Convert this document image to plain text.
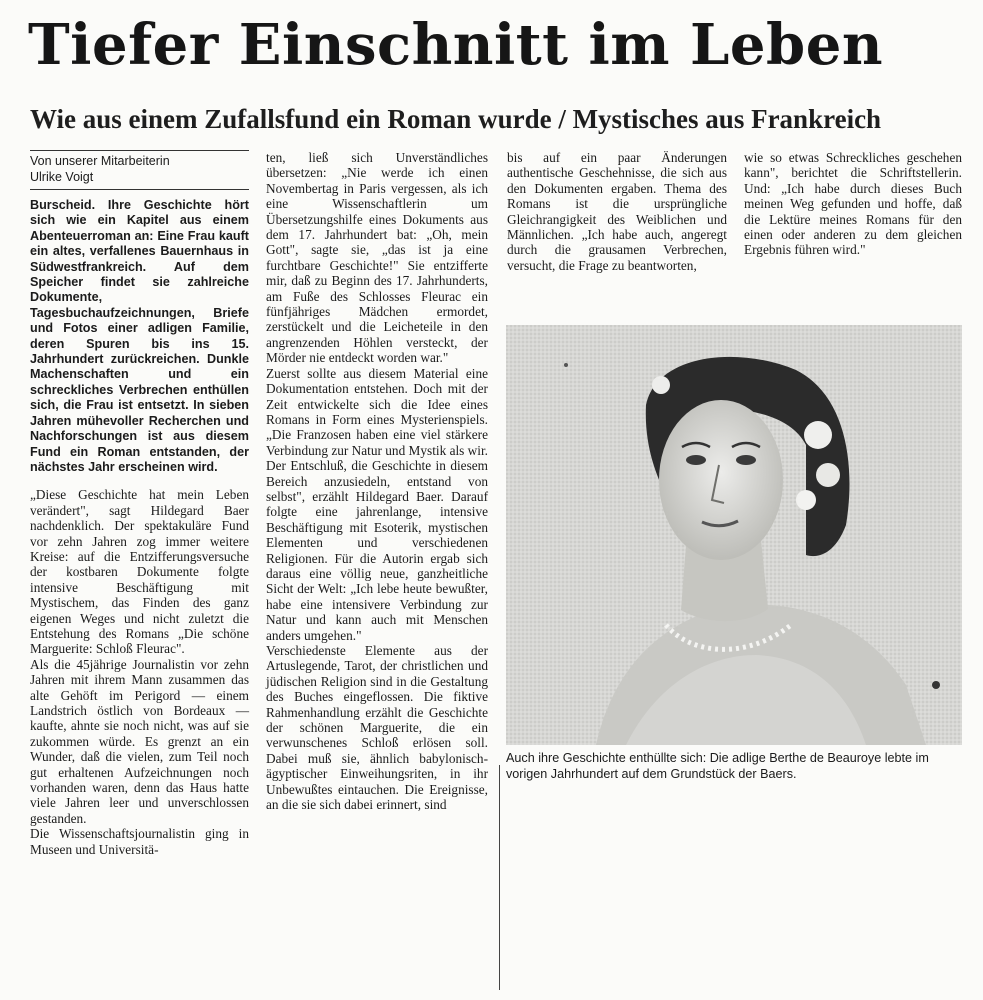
Tiefer Einschnitt im Leben
Wie aus einem Zufallsfund ein Roman wurde / Mystisches aus Frankreich
Von unserer Mitarbeiterin
Ulrike Voigt

Burscheid. Ihre Geschichte hört sich wie ein Kapitel aus einem Abenteuerroman an: Eine Frau kauft ein altes, verfallenes Bauernhaus in Südwestfrankreich. Auf dem Speicher findet sie zahlreiche Dokumente, Tagesbuchaufzeichnungen, Briefe und Fotos einer adligen Familie, deren Spuren bis ins 15. Jahrhundert zurückreichen. Dunkle Machenschaften und ein schreckliches Verbrechen enthüllen sich, die Frau ist entsetzt. In sieben Jahren mühevoller Recherchen und Nachforschungen ist aus diesem Fund ein Roman entstanden, der nächstes Jahr erscheinen wird.

„Diese Geschichte hat mein Leben verändert", sagt Hildegard Baer nachdenklich. Der spektakuläre Fund vor zehn Jahren zog immer weitere Kreise: auf die Entzifferungsversuche der kostbaren Dokumente folgte intensive Beschäftigung mit Mystischem, das Finden des ganz eigenen Weges und nicht zuletzt die Entstehung des Romans „Die schöne Marguerite: Schloß Fleurac".

Als die 45jährige Journalistin vor zehn Jahren mit ihrem Mann zusammen das alte Gehöft im Perigord — einem Landstrich östlich von Bordeaux — kaufte, ahnte sie noch nicht, was auf sie zukommen würde. Es grenzt an ein Wunder, daß die vielen, zum Teil noch gut erhaltenen Aufzeichnungen noch vorhanden waren, denn das Haus hatte viele Jahren leer und unverschlossen gestanden.

Die Wissenschaftsjournalistin ging in Museen und Universitä-

ten, ließ sich Unverständliches übersetzen: „Nie werde ich einen Novembertag in Paris vergessen, als ich eine Wissenschaftlerin um Übersetzungshilfe eines Dokuments aus dem 17. Jahrhundert bat: „Oh, mein Gott", sagte sie, „das ist ja eine furchtbare Geschichte!" Sie entzifferte mir, daß zu Beginn des 17. Jahrhunderts, am Fuße des Schlosses Fleurac ein fünfjähriges Mädchen ermordet, zerstückelt und die Leicheteile in den angrenzenden Höhlen versteckt, der Mörder nie entdeckt worden war."

Zuerst sollte aus diesem Material eine Dokumentation entstehen. Doch mit der Zeit entwickelte sich die Idee eines Romans in Form eines Mysterienspiels. „Die Franzosen haben eine viel stärkere Verbindung zur Natur und Mystik als wir. Der Entschluß, die Geschichte in diesem Bereich anzusiedeln, entstand von selbst", erzählt Hildegard Baer. Darauf folgte eine jahrenlange, intensive Beschäftigung mit Esoterik, mystischen Elementen und verschiedenen Religionen. Für die Autorin ergab sich daraus eine völlig neue, ganzheitliche Sicht der Welt: „Ich lebe heute bewußter, habe eine intensivere Verbindung zur Natur und kann auch mit Menschen anders umgehen."

Verschiedenste Elemente aus der Artuslegende, Tarot, der christlichen und jüdischen Religion sind in die Gestaltung des Buches eingeflossen. Die fiktive Rahmenhandlung erzählt die Geschichte der schönen Marguerite, die ein verwunschenes Schloß erlösen soll. Dabei muß sie, ähnlich babylonisch-ägyptischer Einweihungsriten, in ihr Unbewußtes eintauchen. Die Ereignisse, an die sie sich dabei erinnert, sind

bis auf ein paar Änderungen authentische Geschehnisse, die sich aus den Dokumenten ergaben. Thema des Romans ist die ursprüngliche Gleichrangigkeit des Weiblichen und Männlichen. „Ich habe auch, angeregt durch die grausamen Verbrechen, versucht, die Frage zu beantworten,

wie so etwas Schreckliches geschehen kann", berichtet die Schriftstellerin. Und: „Ich habe durch dieses Buch meinen Weg gefunden und hoffe, daß die Lektüre meines Romans für den einen oder anderen zu dem gleichen Ergebnis führen wird."

Auch ihre Geschichte enthüllte sich: Die adlige Berthe de Beauroye lebte im vorigen Jahrhundert auf dem Grundstück der Baers.
